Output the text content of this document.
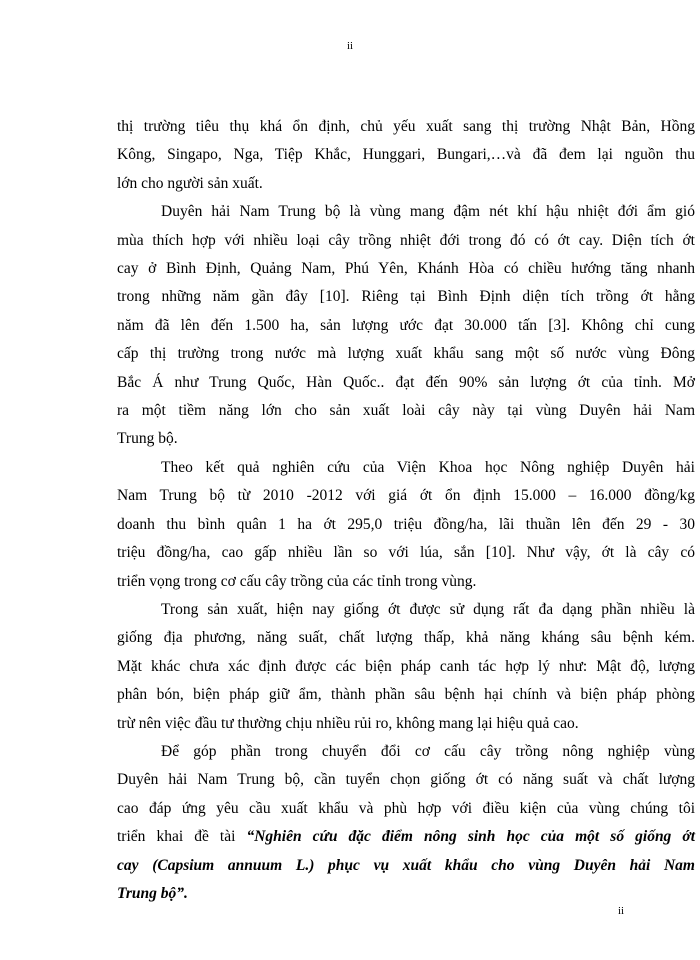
ii
thị trường tiêu thụ khá ổn định, chủ yếu xuất sang thị trường Nhật Bản, Hồng
Kông, Singapo, Nga, Tiệp Khắc, Hunggari, Bungari,…và đã đem lại nguồn thu
lớn cho người sản xuất.
Duyên hải Nam Trung bộ là vùng mang đậm nét khí hậu nhiệt đới ẩm gió
mùa thích hợp với nhiều loại cây trồng nhiệt đới trong đó có ớt cay. Diện tích ớt
cay ở Bình Định, Quảng Nam, Phú Yên, Khánh Hòa có chiều hướng tăng nhanh
trong những năm gần đây [10]. Riêng tại Bình Định diện tích trồng ớt hằng
năm đã lên đến 1.500 ha, sản lượng ước đạt 30.000 tấn [3]. Không chỉ cung
cấp thị trường trong nước mà lượng xuất khẩu sang một số nước vùng Đông
Bắc Á như Trung Quốc, Hàn Quốc.. đạt đến 90% sản lượng ớt của tỉnh. Mở
ra một tiềm năng lớn cho sản xuất loài cây này tại vùng Duyên hải Nam
Trung bộ.
Theo kết quả nghiên cứu của Viện Khoa học Nông nghiệp Duyên hải
Nam Trung bộ từ 2010 -2012 với giá ớt ổn định 15.000 – 16.000 đồng/kg
doanh thu bình quân 1 ha ớt 295,0 triệu đồng/ha, lãi thuần lên đến 29 - 30
triệu đồng/ha, cao gấp nhiều lần so với lúa, sắn [10]. Như vậy, ớt là cây có
triển vọng trong cơ cấu cây trồng của các tỉnh trong vùng.
Trong sản xuất, hiện nay giống ớt được sử dụng rất đa dạng phần nhiều là
giống địa phương, năng suất, chất lượng thấp, khả năng kháng sâu bệnh kém.
Mặt khác chưa xác định được các biện pháp canh tác hợp lý như: Mật độ, lượng
phân bón, biện pháp giữ ẩm, thành phần sâu bệnh hại chính và biện pháp phòng
trừ nên việc đầu tư thường chịu nhiều rủi ro, không mang lại hiệu quả cao.
Để góp phần trong chuyển đổi cơ cấu cây trồng nông nghiệp vùng
Duyên hải Nam Trung bộ, cần tuyển chọn giống ớt có năng suất và chất lượng
cao đáp ứng yêu cầu xuất khẩu và phù hợp với điều kiện của vùng chúng tôi
triển khai đề tài “Nghiên cứu đặc điểm nông sinh học của một số giống ớt
cay (Capsium annuum L.) phục vụ xuất khẩu cho vùng Duyên hải Nam
Trung bộ”.
ii
